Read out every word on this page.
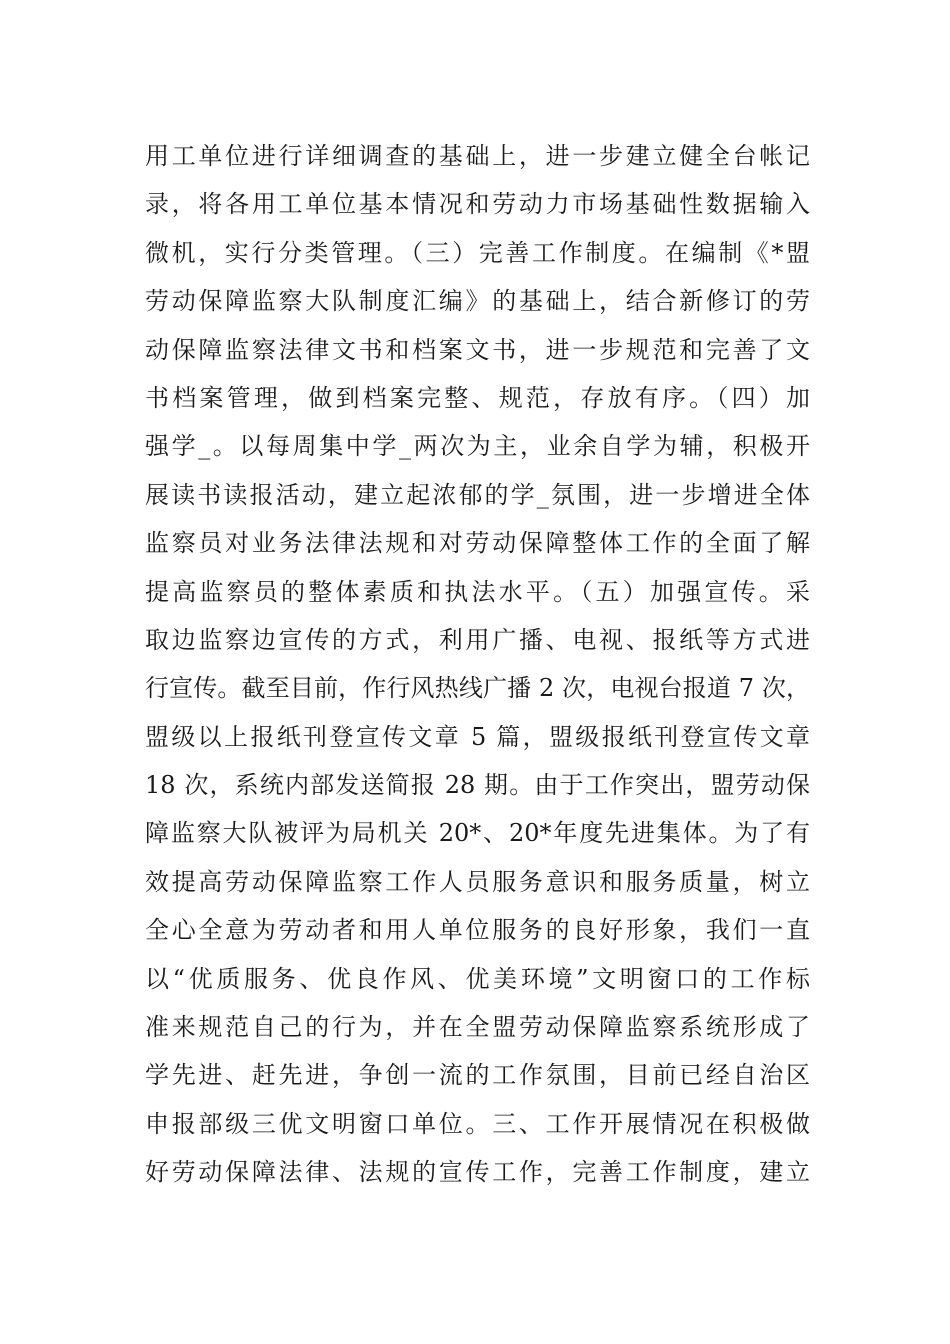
用工单位进行详细调查的基础上，进一步建立健全台帐记
录，将各用工单位基本情况和劳动力市场基础性数据输入
微机，实行分类管理。（三）完善工作制度。在编制《*盟
劳动保障监察大队制度汇编》的基础上，结合新修订的劳
动保障监察法律文书和档案文书，进一步规范和完善了文
书档案管理，做到档案完整、规范，存放有序。（四）加
强学_。以每周集中学_两次为主，业余自学为辅，积极开
展读书读报活动，建立起浓郁的学_氛围，进一步增进全体
监察员对业务法律法规和对劳动保障整体工作的全面了解
提高监察员的整体素质和执法水平。（五）加强宣传。采
取边监察边宣传的方式，利用广播、电视、报纸等方式进
行宣传。截至目前，作行风热线广播 2 次，电视台报道 7 次，
盟级以上报纸刊登宣传文章 5 篇，盟级报纸刊登宣传文章
18 次，系统内部发送简报 28 期。由于工作突出，盟劳动保
障监察大队被评为局机关 20*、20*年度先进集体。为了有
效提高劳动保障监察工作人员服务意识和服务质量，树立
全心全意为劳动者和用人单位服务的良好形象，我们一直
以“优质服务、优良作风、优美环境”文明窗口的工作标
准来规范自己的行为，并在全盟劳动保障监察系统形成了
学先进、赶先进，争创一流的工作氛围，目前已经自治区
申报部级三优文明窗口单位。三、工作开展情况在积极做
好劳动保障法律、法规的宣传工作，完善工作制度，建立
